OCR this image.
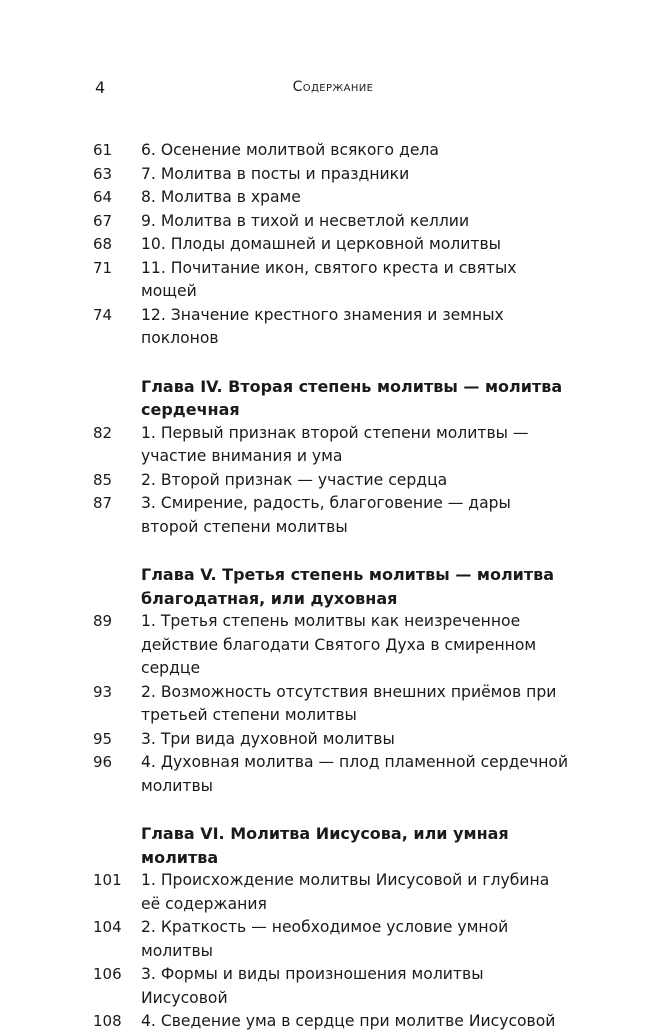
4	Содержание
61	6. Осенение молитвой всякого дела
63	7. Молитва в посты и праздники
64	8. Молитва в храме
67	9. Молитва в тихой и несветлой келлии
68	10. Плоды домашней и церковной молитвы
71	11. Почитание икон, святого креста и святых мощей
74	12. Значение крестного знамения и земных поклонов
Глава IV. Вторая степень молитвы — молитва сердечная
82	1. Первый признак второй степени молитвы — участие внимания и ума
85	2. Второй признак — участие сердца
87	3. Смирение, радость, благоговение — дары второй степени молитвы
Глава V. Третья степень молитвы — молитва благодатная, или духовная
89	1. Третья степень молитвы как неизреченное действие благодати Святого Духа в смиренном сердце
93	2. Возможность отсутствия внешних приёмов при третьей степени молитвы
95	3. Три вида духовной молитвы
96	4. Духовная молитва — плод пламенной сердечной молитвы
Глава VI. Молитва Иисусова, или умная молитва
101	1. Происхождение молитвы Иисусовой и глубина её содержания
104	2. Краткость — необходимое условие умной молитвы
106	3. Формы и виды произношения молитвы Иисусовой
108	4. Сведение ума в сердце при молитве Иисусовой
